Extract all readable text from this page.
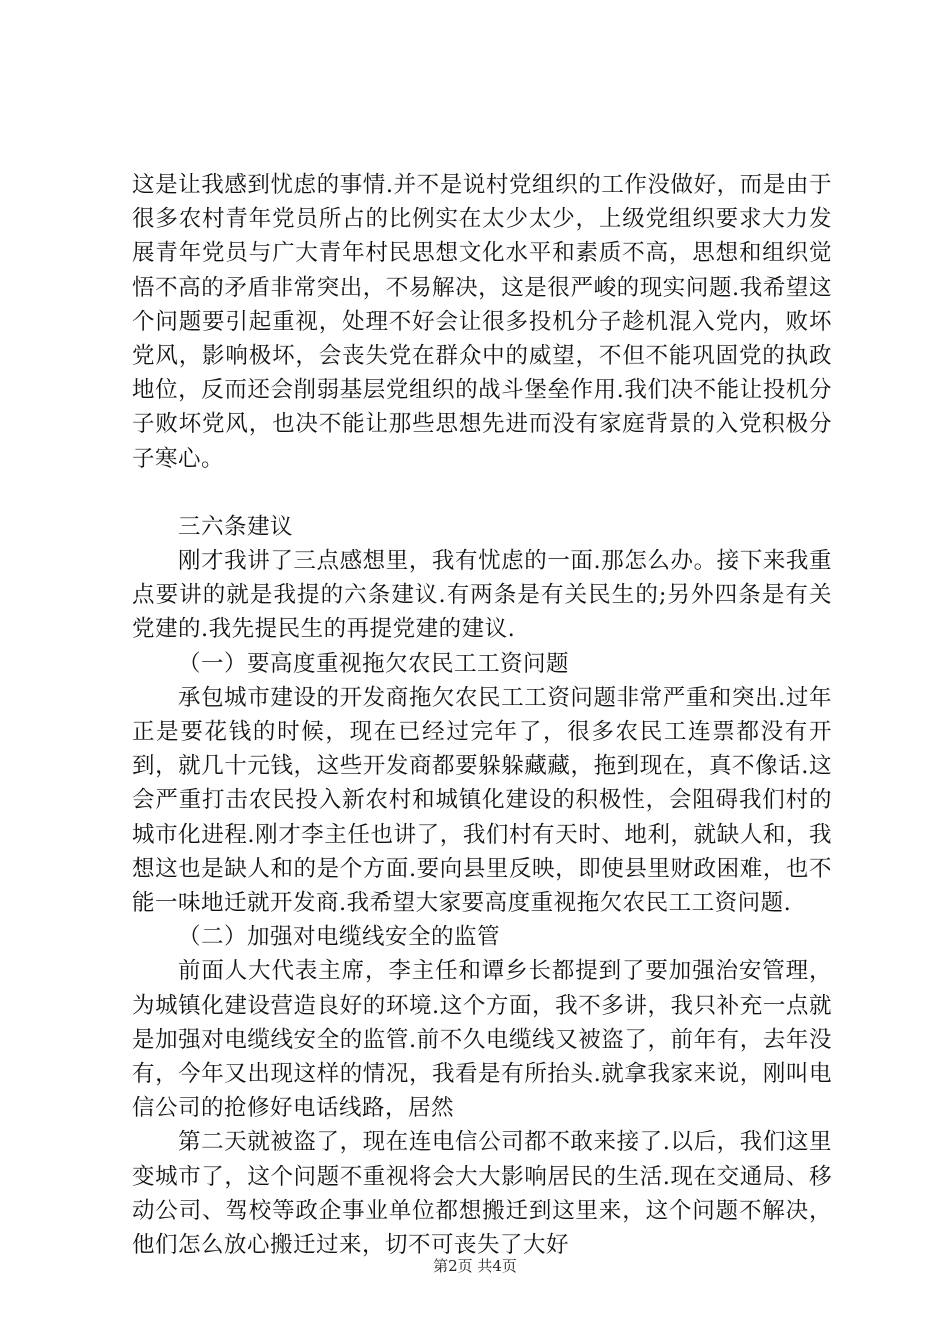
这是让我感到忧虑的事情.并不是说村党组织的工作没做好，而是由于很多农村青年党员所占的比例实在太少太少，上级党组织要求大力发展青年党员与广大青年村民思想文化水平和素质不高，思想和组织觉悟不高的矛盾非常突出，不易解决，这是很严峻的现实问题.我希望这个问题要引起重视，处理不好会让很多投机分子趁机混入党内，败坏党风，影响极坏，会丧失党在群众中的威望，不但不能巩固党的执政地位，反而还会削弱基层党组织的战斗堡垒作用.我们决不能让投机分子败坏党风，也决不能让那些思想先进而没有家庭背景的入党积极分子寒心。

三六条建议

刚才我讲了三点感想里，我有忧虑的一面.那怎么办。接下来我重点要讲的就是我提的六条建议.有两条是有关民生的;另外四条是有关党建的.我先提民生的再提党建的建议.

（一）要高度重视拖欠农民工工资问题

承包城市建设的开发商拖欠农民工工资问题非常严重和突出.过年正是要花钱的时候，现在已经过完年了，很多农民工连票都没有开到，就几十元钱，这些开发商都要躲躲藏藏，拖到现在，真不像话.这会严重打击农民投入新农村和城镇化建设的积极性，会阻碍我们村的城市化进程.刚才李主任也讲了，我们村有天时、地利，就缺人和，我想这也是缺人和的是个方面.要向县里反映，即使县里财政困难，也不能一味地迁就开发商.我希望大家要高度重视拖欠农民工工资问题.

（二）加强对电缆线安全的监管

前面人大代表主席，李主任和谭乡长都提到了要加强治安管理，为城镇化建设营造良好的环境.这个方面，我不多讲，我只补充一点就是加强对电缆线安全的监管.前不久电缆线又被盗了，前年有，去年没有，今年又出现这样的情况，我看是有所抬头.就拿我家来说，刚叫电信公司的抢修好电话线路，居然

第二天就被盗了，现在连电信公司都不敢来接了.以后，我们这里变城市了，这个问题不重视将会大大影响居民的生活.现在交通局、移动公司、驾校等政企事业单位都想搬迁到这里来，这个问题不解决，他们怎么放心搬迁过来，切不可丧失了大好

第2页 共4页
